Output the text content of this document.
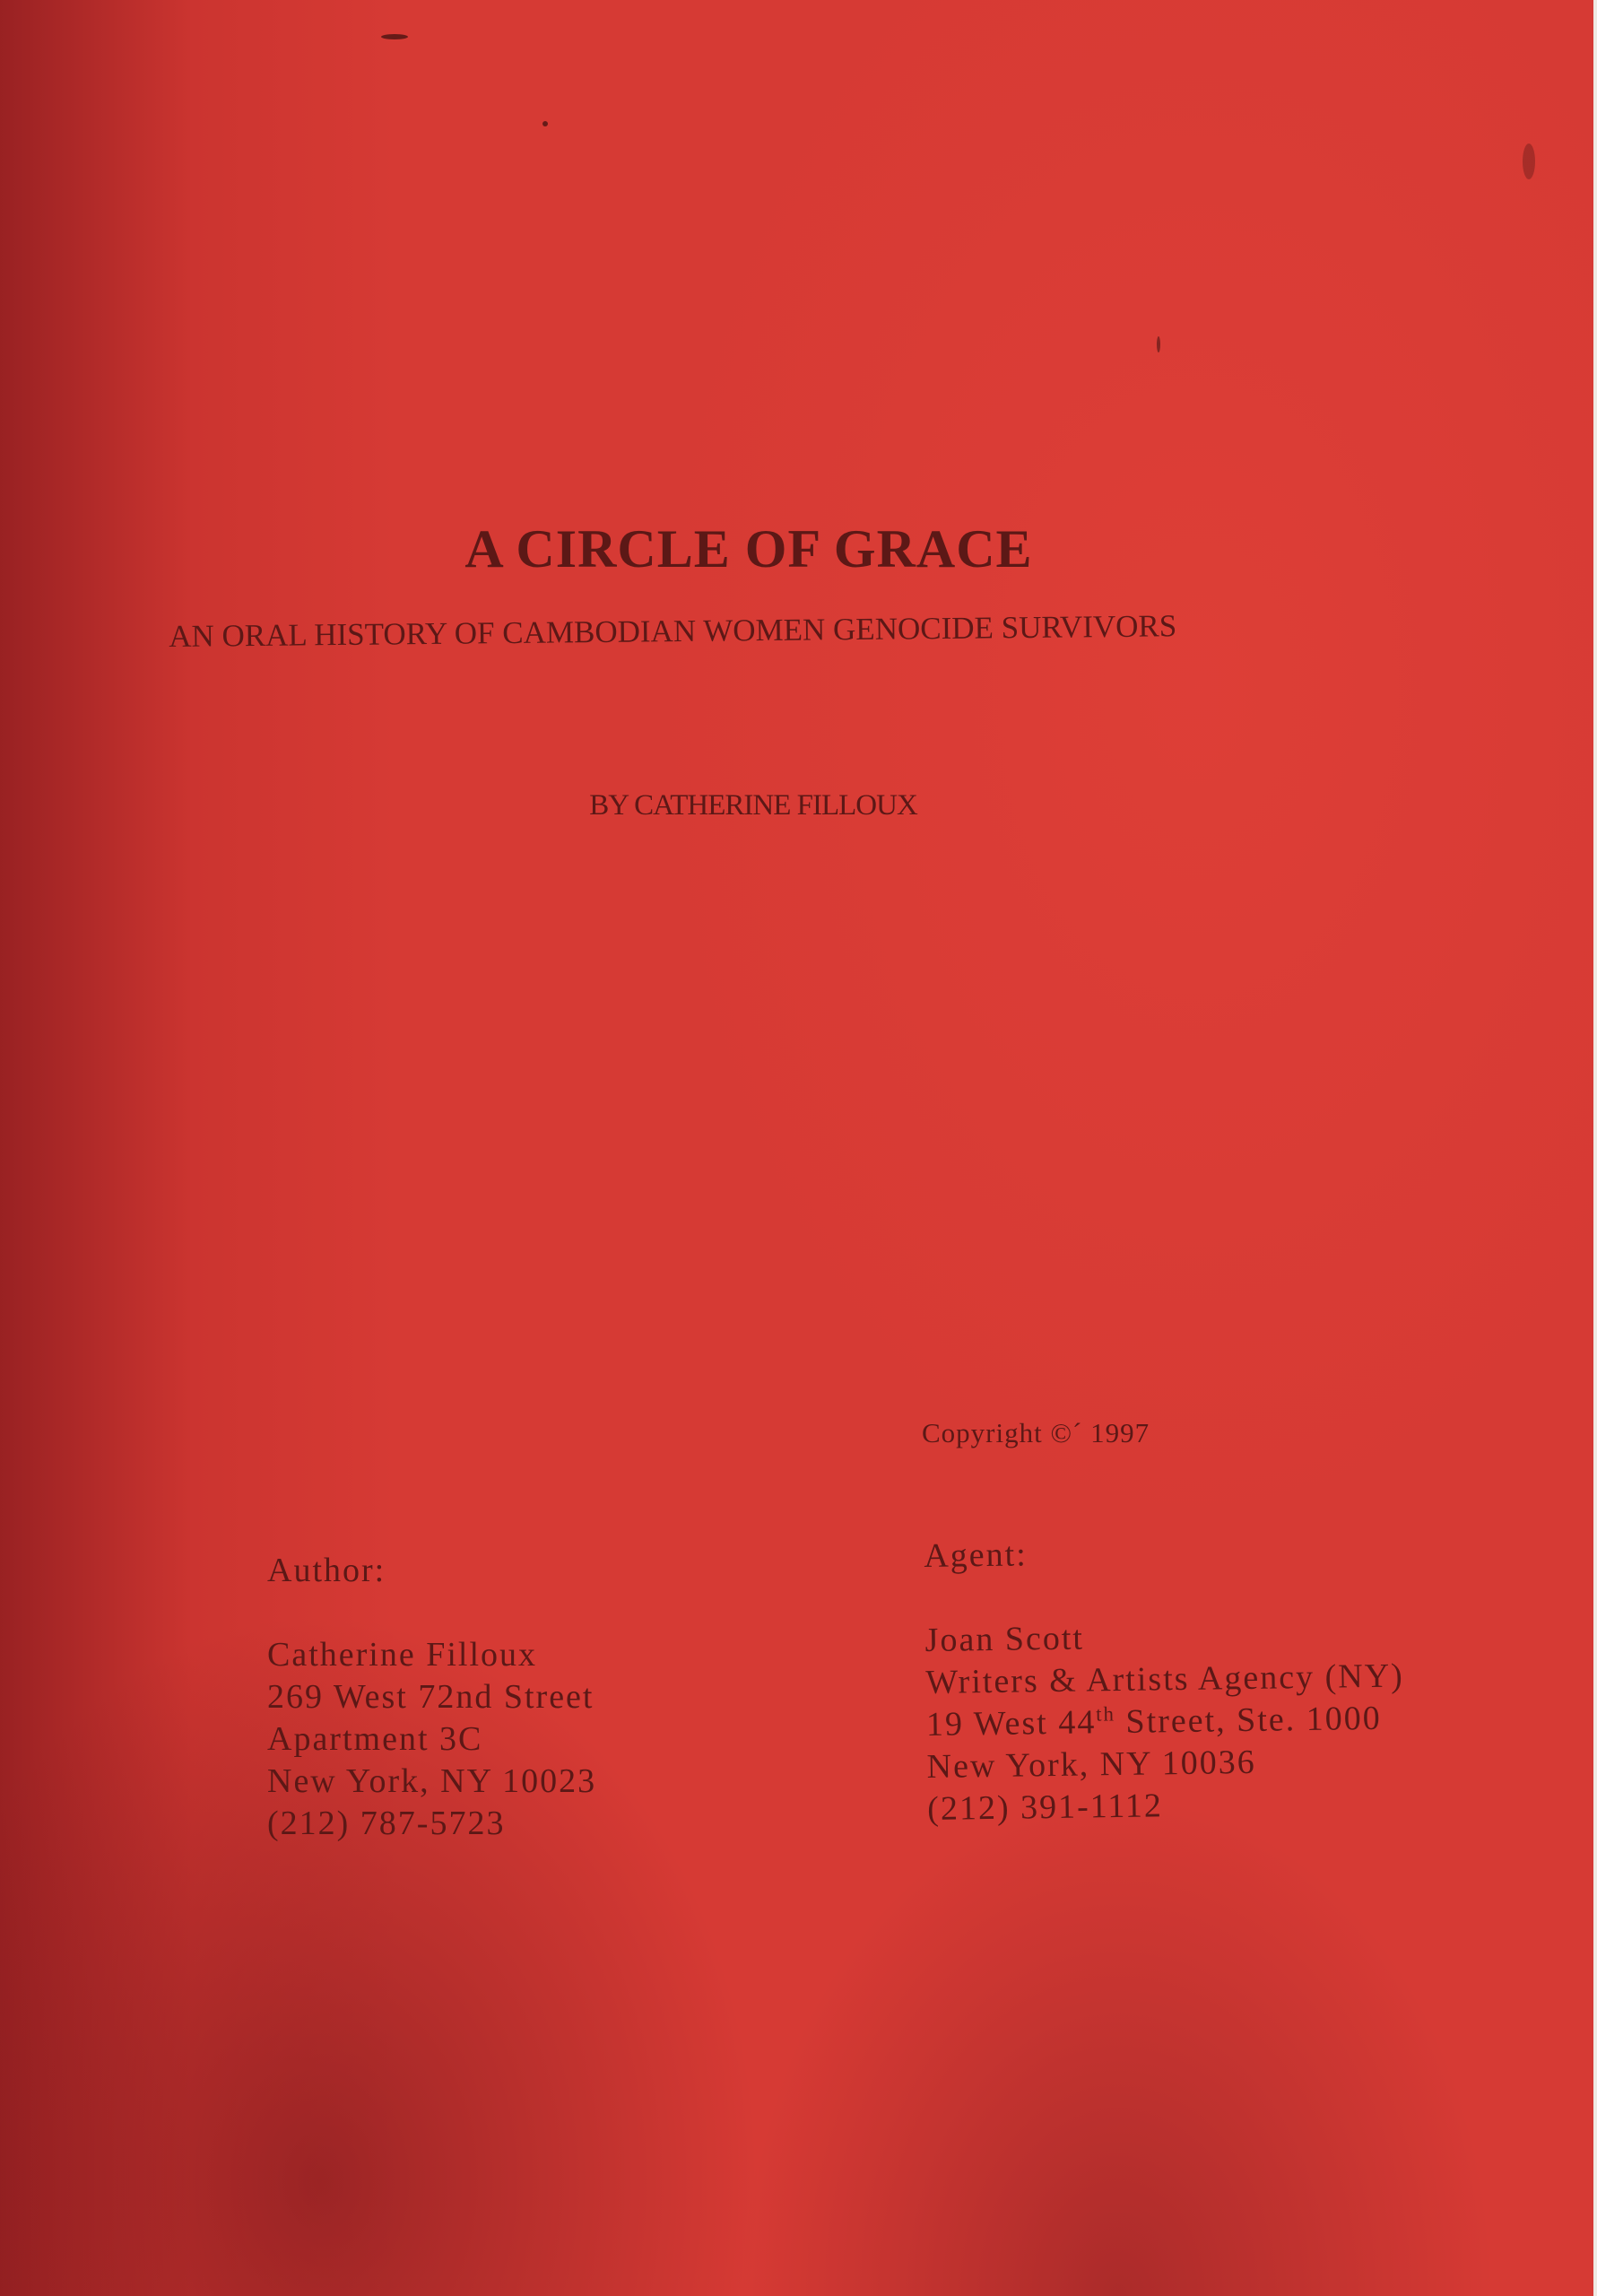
A CIRCLE OF GRACE
AN ORAL HISTORY OF CAMBODIAN WOMEN GENOCIDE SURVIVORS
BY CATHERINE FILLOUX
Copyright ©´ 1997
Author:
Catherine Filloux
269 West 72nd Street
Apartment 3C
New York, NY 10023
(212) 787-5723
Agent:
Joan Scott
Writers & Artists Agency (NY)
19 West 44th Street, Ste. 1000
New York, NY 10036
(212) 391-1112
